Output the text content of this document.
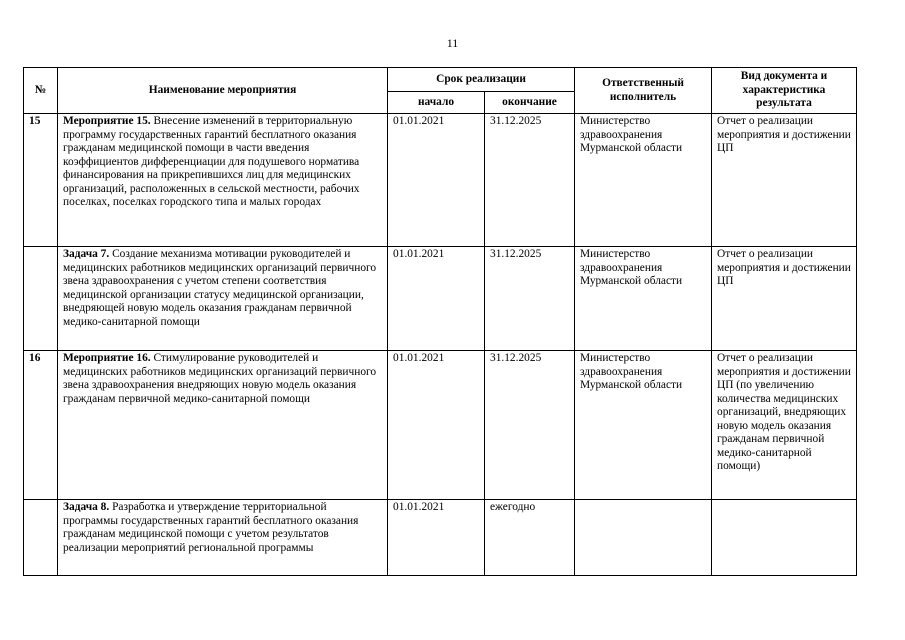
11
№	Наименование мероприятия	Срок реализации		Ответственный исполнитель	Вид документа и характеристика результата
		начало	окончание		
15	Мероприятие 15. Внесение изменений в территориальную программу государственных гарантий бесплатного оказания гражданам медицинской помощи в части введения коэффициентов дифференциации для подушевого норматива финансирования на прикрепившихся лиц для медицинских организаций, расположенных в сельской местности, рабочих поселках, поселках городского типа и малых городах	01.01.2021	31.12.2025	Министерство здравоохранения Мурманской области	Отчет о реализации мероприятия и достижении ЦП
	Задача 7. Создание механизма мотивации руководителей и медицинских работников медицинских организаций первичного звена здравоохранения с учетом степени соответствия медицинской организации статусу медицинской организации, внедряющей новую модель оказания гражданам первичной медико-санитарной помощи	01.01.2021	31.12.2025	Министерство здравоохранения Мурманской области	Отчет о реализации мероприятия и достижении ЦП
16	Мероприятие 16. Стимулирование руководителей и медицинских работников медицинских организаций первичного звена здравоохранения внедряющих новую модель оказания гражданам первичной медико-санитарной помощи	01.01.2021	31.12.2025	Министерство здравоохранения Мурманской области	Отчет о реализации мероприятия и достижении ЦП (по увеличению количества медицинских организаций, внедряющих новую модель оказания гражданам первичной медико-санитарной помощи)
	Задача 8. Разработка и утверждение территориальной программы государственных гарантий бесплатного оказания гражданам медицинской помощи с учетом результатов реализации мероприятий региональной программы	01.01.2021	ежегодно		
